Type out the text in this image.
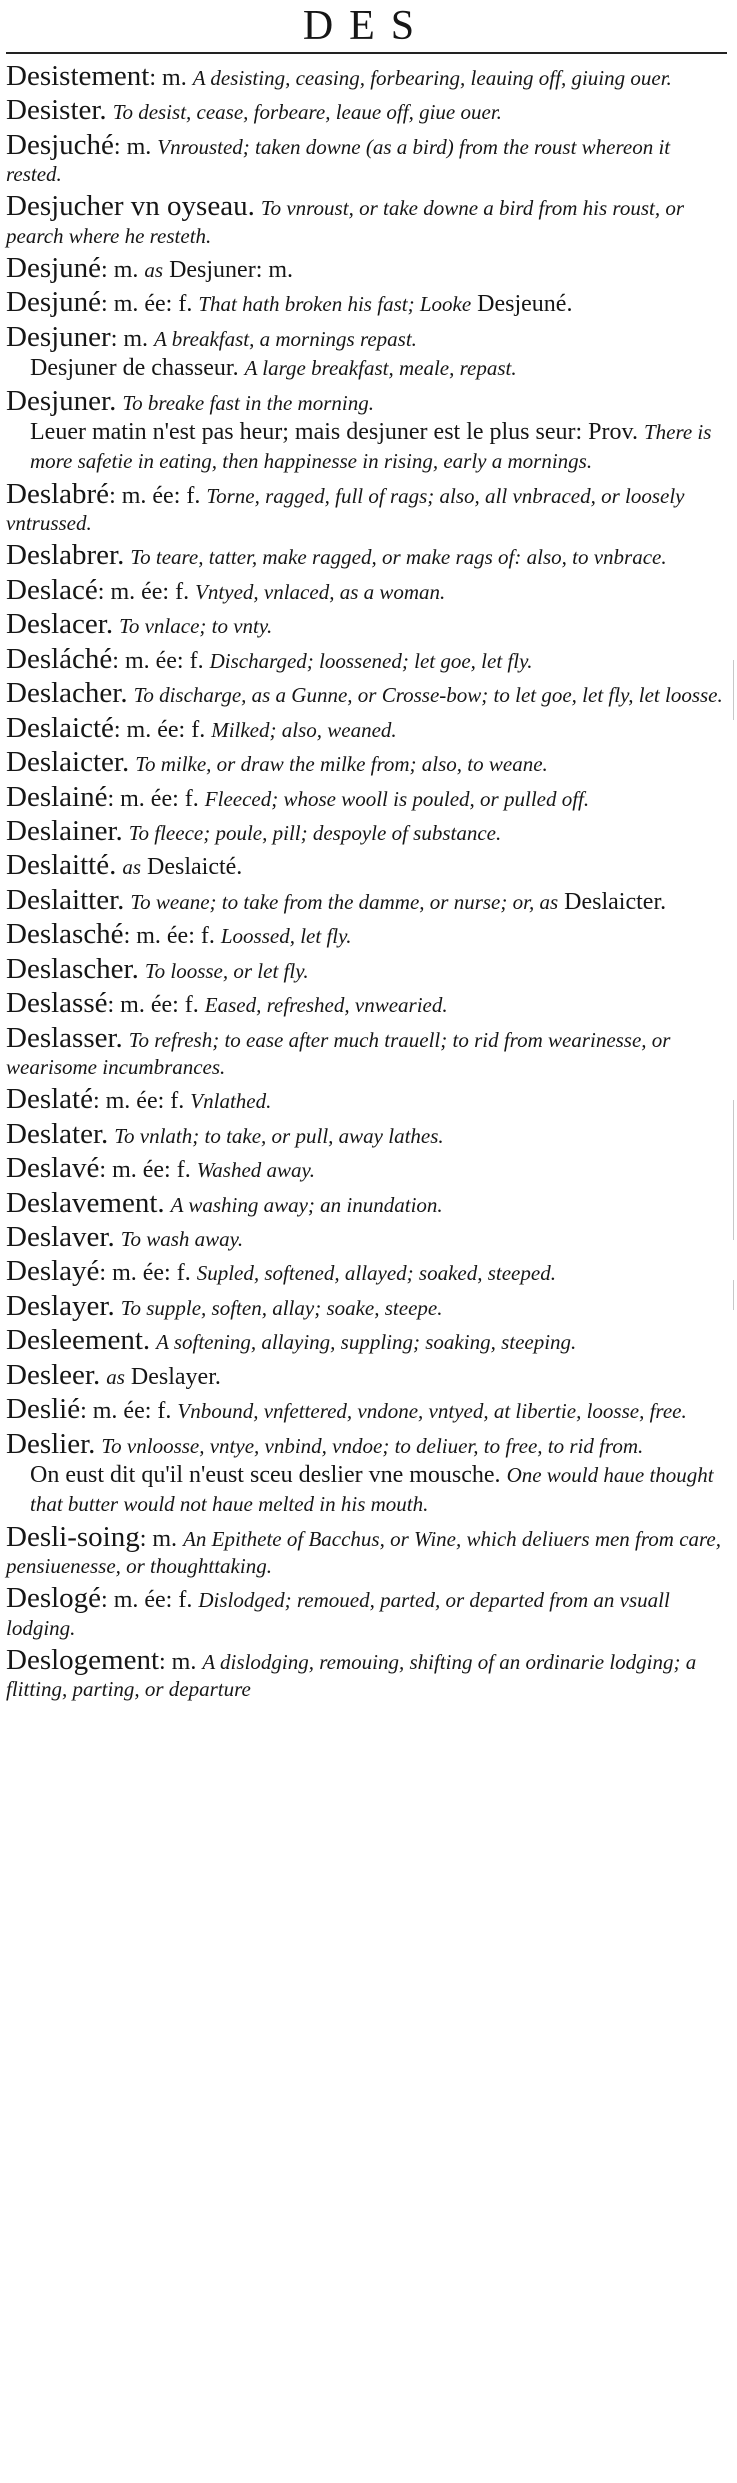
DES
Desistement: m. A desisting, ceasing, forbearing, leauing off, giuing ouer.
Desister. To desist, cease, forbeare, leaue off, giue ouer.
Desjuché: m. Vnrousted; taken downe (as a bird) from the roust whereon it rested.
Desjucher vn oyseau. To vnroust, or take downe a bird from his roust, or pearch where he resteth.
Desjuné: m. as Desjuner: m.
Desjuné: m. ée: f. That hath broken his fast; Looke Desjeuné.
Desjuner: m. A breakfast, a mornings repast.
Desjuner de chasseur. A large breakfast, meale, repast.
Desjuner. To breake fast in the morning.
Leuer matin n'est pas heur; mais desjuner est le plus seur: Prov. There is more safetie in eating, then happinesse in rising, early a mornings.
Deslabré: m. ée: f. Torne, ragged, full of rags; also, all vnbraced, or loosely vntrussed.
Deslabrer. To teare, tatter, make ragged, or make rags of: also, to vnbrace.
Deslacé: m. ée: f. Vntyed, vnlaced, as a woman.
Deslacer. To vnlace; to vnty.
Desláché: m. ée: f. Discharged; loossened; let goe, let fly.
Deslacher. To discharge, as a Gunne, or Crosse-bow; to let goe, let fly, let loosse.
Deslaicté: m. ée: f. Milked; also, weaned.
Deslaicter. To milke, or draw the milke from; also, to weane.
Deslainé: m. ée: f. Fleeced; whose wooll is pouled, or pulled off.
Deslainer. To fleece; poule, pill; despoyle of substance.
Deslaitté. as Deslaicté.
Deslaitter. To weane; to take from the damme, or nurse; or, as Deslaicter.
Deslasché: m. ée: f. Loossed, let fly.
Deslascher. To loosse, or let fly.
Deslassé: m. ée: f. Eased, refreshed, vnwearied.
Deslasser. To refresh; to ease after much trauell; to rid from wearinesse, or wearisome incumbrances.
Deslaté: m. ée: f. Vnlathed.
Deslater. To vnlath; to take, or pull, away lathes.
Deslavé: m. ée: f. Washed away.
Deslavement. A washing away; an inundation.
Deslaver. To wash away.
Deslayé: m. ée: f. Supled, softened, allayed; soaked, steeped.
Deslayer. To supple, soften, allay; soake, steepe.
Desleement. A softening, allaying, suppling; soaking, steeping.
Desleer. as Deslayer.
Deslié: m. ée: f. Vnbound, vnfettered, vndone, vntyed, at libertie, loosse, free.
Deslier. To vnloosse, vntye, vnbind, vndoe; to deliuer, to free, to rid from.
On eust dit qu'il n'eust sceu deslier vne mousche. One would haue thought that butter would not haue melted in his mouth.
Desli-soing: m. An Epithete of Bacchus, or Wine, which deliuers men from care, pensiuenesse, or thoughttaking.
Deslogé: m. ée: f. Dislodged; remoued, parted, or departed from an vsuall lodging.
Deslogement: m. A dislodging, remouing, shifting of an ordinarie lodging; a flitting, parting, or departure
